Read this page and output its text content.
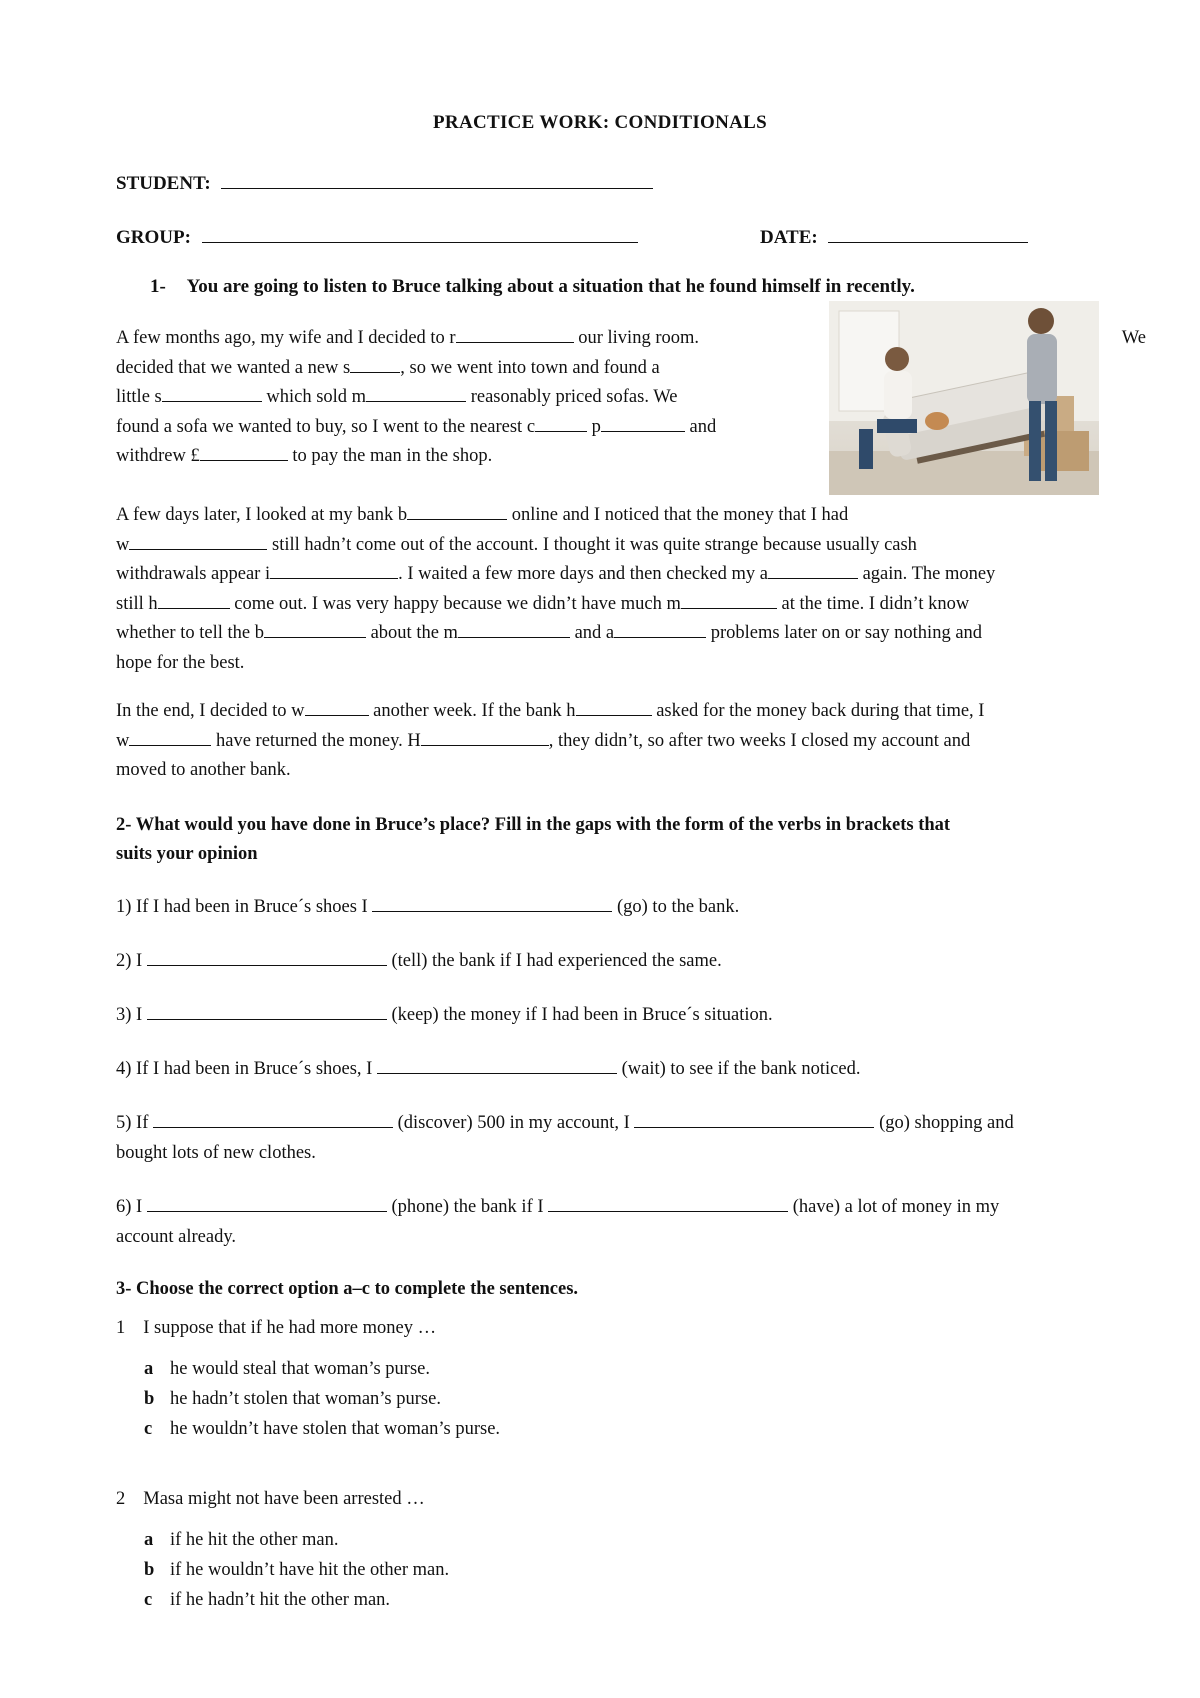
PRACTICE WORK: CONDITIONALS
STUDENT:
GROUP:	DATE:
1- You are going to listen to Bruce talking about a situation that he found himself in recently.

A few months ago, my wife and I decided to r	our living room.	We

decided that we wanted a new s	, so we went into town and found a

little s	which sold m	reasonably priced sofas. We

found a sofa we wanted to buy, so I went to the nearest c	p	and

withdrew £	to pay the man in the shop.

A few days later, I looked at my bank b	online and I noticed that the money that I had

w	still hadn’t come out of the account. I thought it was quite strange because usually cash

withdrawals appear i	. I waited a few more days and then checked my a	again. The money

still h	come out. I was very happy because we didn’t have much m	at the time. I didn’t know

whether to tell the b	about the m	and a	problems later on or say nothing and

hope for the best.

In the end, I decided to w	another week. If the bank h	asked for the money back during that time, I

w	have returned the money. H	, they didn’t, so after two weeks I closed my account and

moved to another bank.

2- What would you have done in Bruce’s place? Fill in the gaps with the form of the verbs in brackets that
suits your opinion
1) If I had been in Bruce´s shoes I	(go) to the bank.
2) I	(tell) the bank if I had experienced the same.
3) I	(keep) the money if I had been in Bruce´s situation.
4) If I had been in Bruce´s shoes, I	(wait) to see if the bank noticed.
5) If	(discover) 500 in my account, I	(go) shopping and
bought lots of new clothes.
6) I	(phone) the bank if I	(have) a lot of money in my
account already.
3- Choose the correct option a–c to complete the sentences.
1 I suppose that if he had more money …
a he would steal that woman’s purse.
b he hadn’t stolen that woman’s purse.
c he wouldn’t have stolen that woman’s purse.
2 Masa might not have been arrested …
a if he hit the other man.
b if he wouldn’t have hit the other man.
c if he hadn’t hit the other man.
